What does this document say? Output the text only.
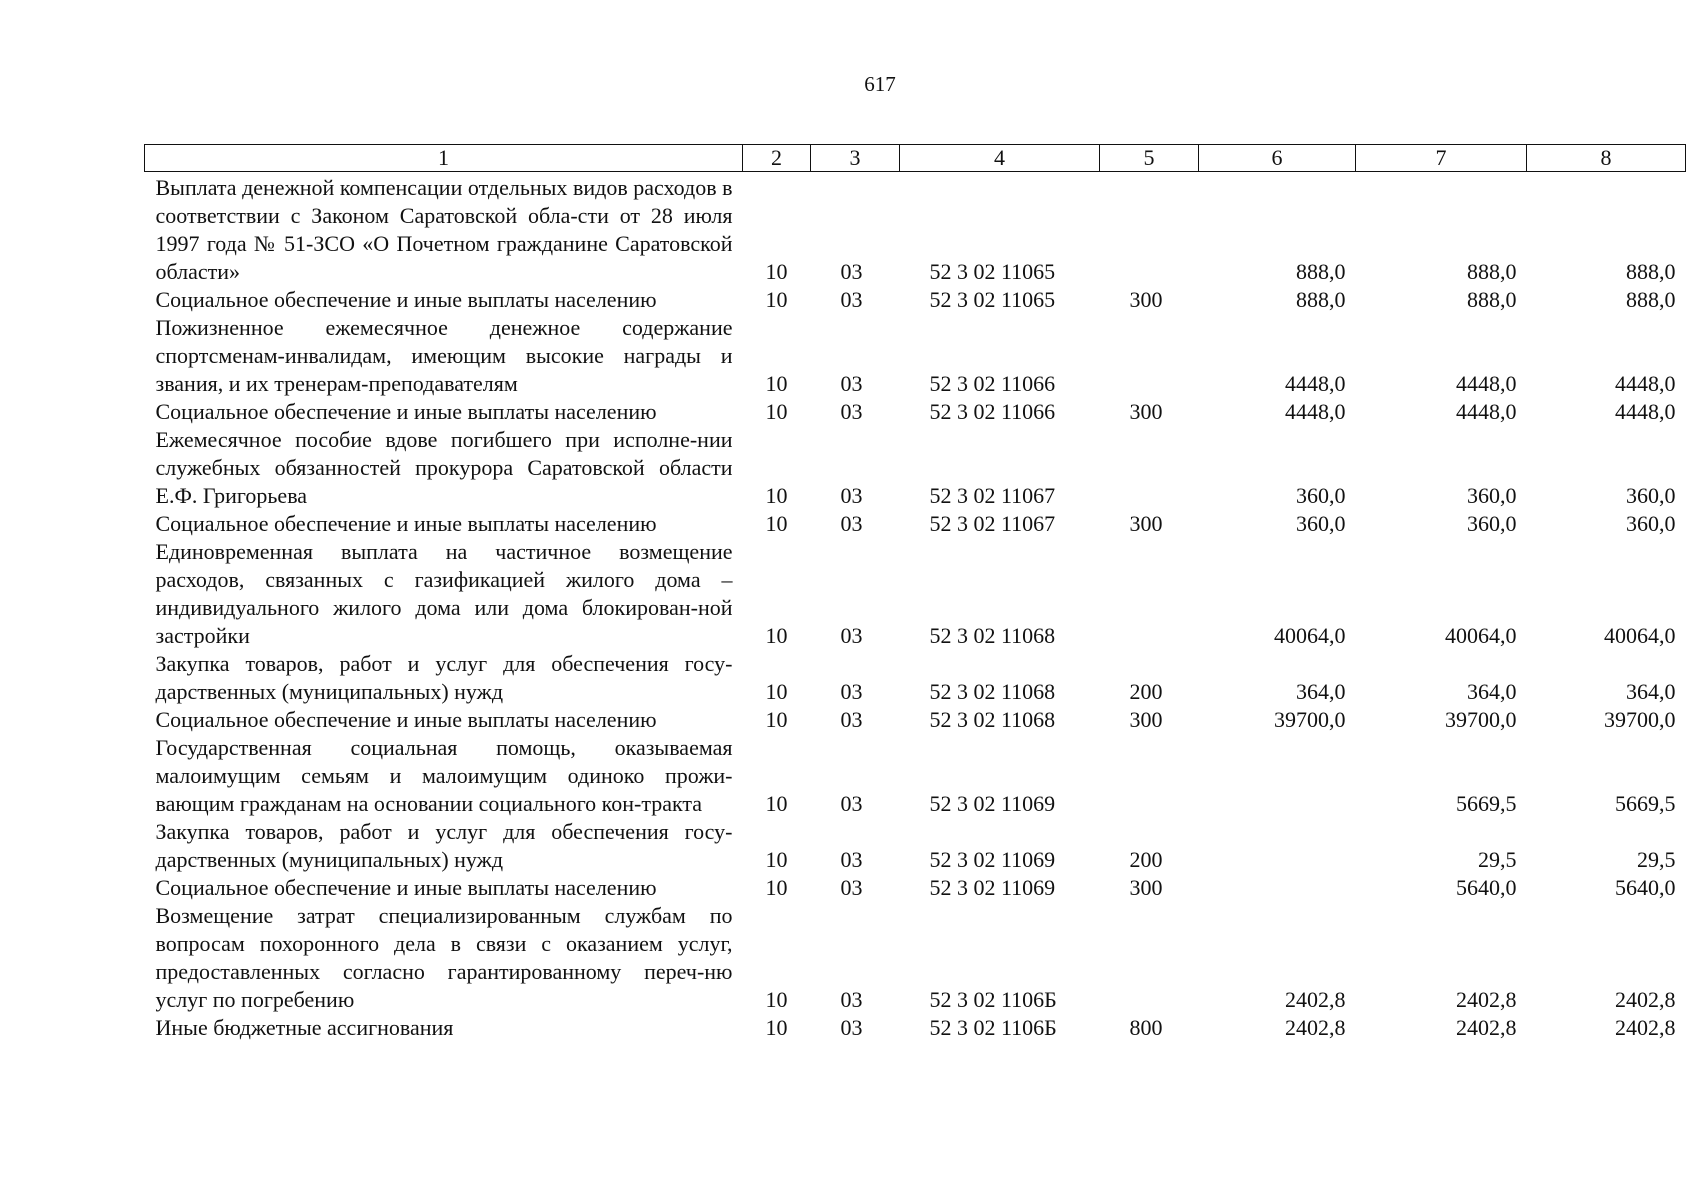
617
1	2	3	4	5	6	7	8
Выплата денежной компенсации отдельных видов расходов в соответствии с Законом Саратовской обла-сти от 28 июля 1997 года № 51-ЗСО «О Почетном гражданине Саратовской области»	10	03	52 3 02 11065		888,0	888,0	888,0
Социальное обеспечение и иные выплаты населению	10	03	52 3 02 11065	300	888,0	888,0	888,0
Пожизненное ежемесячное денежное содержание спортсменам-инвалидам, имеющим высокие награды и звания, и их тренерам-преподавателям	10	03	52 3 02 11066		4448,0	4448,0	4448,0
Социальное обеспечение и иные выплаты населению	10	03	52 3 02 11066	300	4448,0	4448,0	4448,0
Ежемесячное пособие вдове погибшего при исполне-нии служебных обязанностей прокурора Саратовской области Е.Ф. Григорьева	10	03	52 3 02 11067		360,0	360,0	360,0
Социальное обеспечение и иные выплаты населению	10	03	52 3 02 11067	300	360,0	360,0	360,0
Единовременная выплата на частичное возмещение расходов, связанных с газификацией жилого дома – индивидуального жилого дома или дома блокирован-ной застройки	10	03	52 3 02 11068		40064,0	40064,0	40064,0
Закупка товаров, работ и услуг для обеспечения госу-дарственных (муниципальных) нужд	10	03	52 3 02 11068	200	364,0	364,0	364,0
Социальное обеспечение и иные выплаты населению	10	03	52 3 02 11068	300	39700,0	39700,0	39700,0
Государственная социальная помощь, оказываемая малоимущим семьям и малоимущим одиноко прожи-вающим гражданам на основании социального кон-тракта	10	03	52 3 02 11069			5669,5	5669,5
Закупка товаров, работ и услуг для обеспечения госу-дарственных (муниципальных) нужд	10	03	52 3 02 11069	200		29,5	29,5
Социальное обеспечение и иные выплаты населению	10	03	52 3 02 11069	300		5640,0	5640,0
Возмещение затрат специализированным службам по вопросам похоронного дела в связи с оказанием услуг, предоставленных согласно гарантированному переч-ню услуг по погребению	10	03	52 3 02 1106Б		2402,8	2402,8	2402,8
Иные бюджетные ассигнования	10	03	52 3 02 1106Б	800	2402,8	2402,8	2402,8
